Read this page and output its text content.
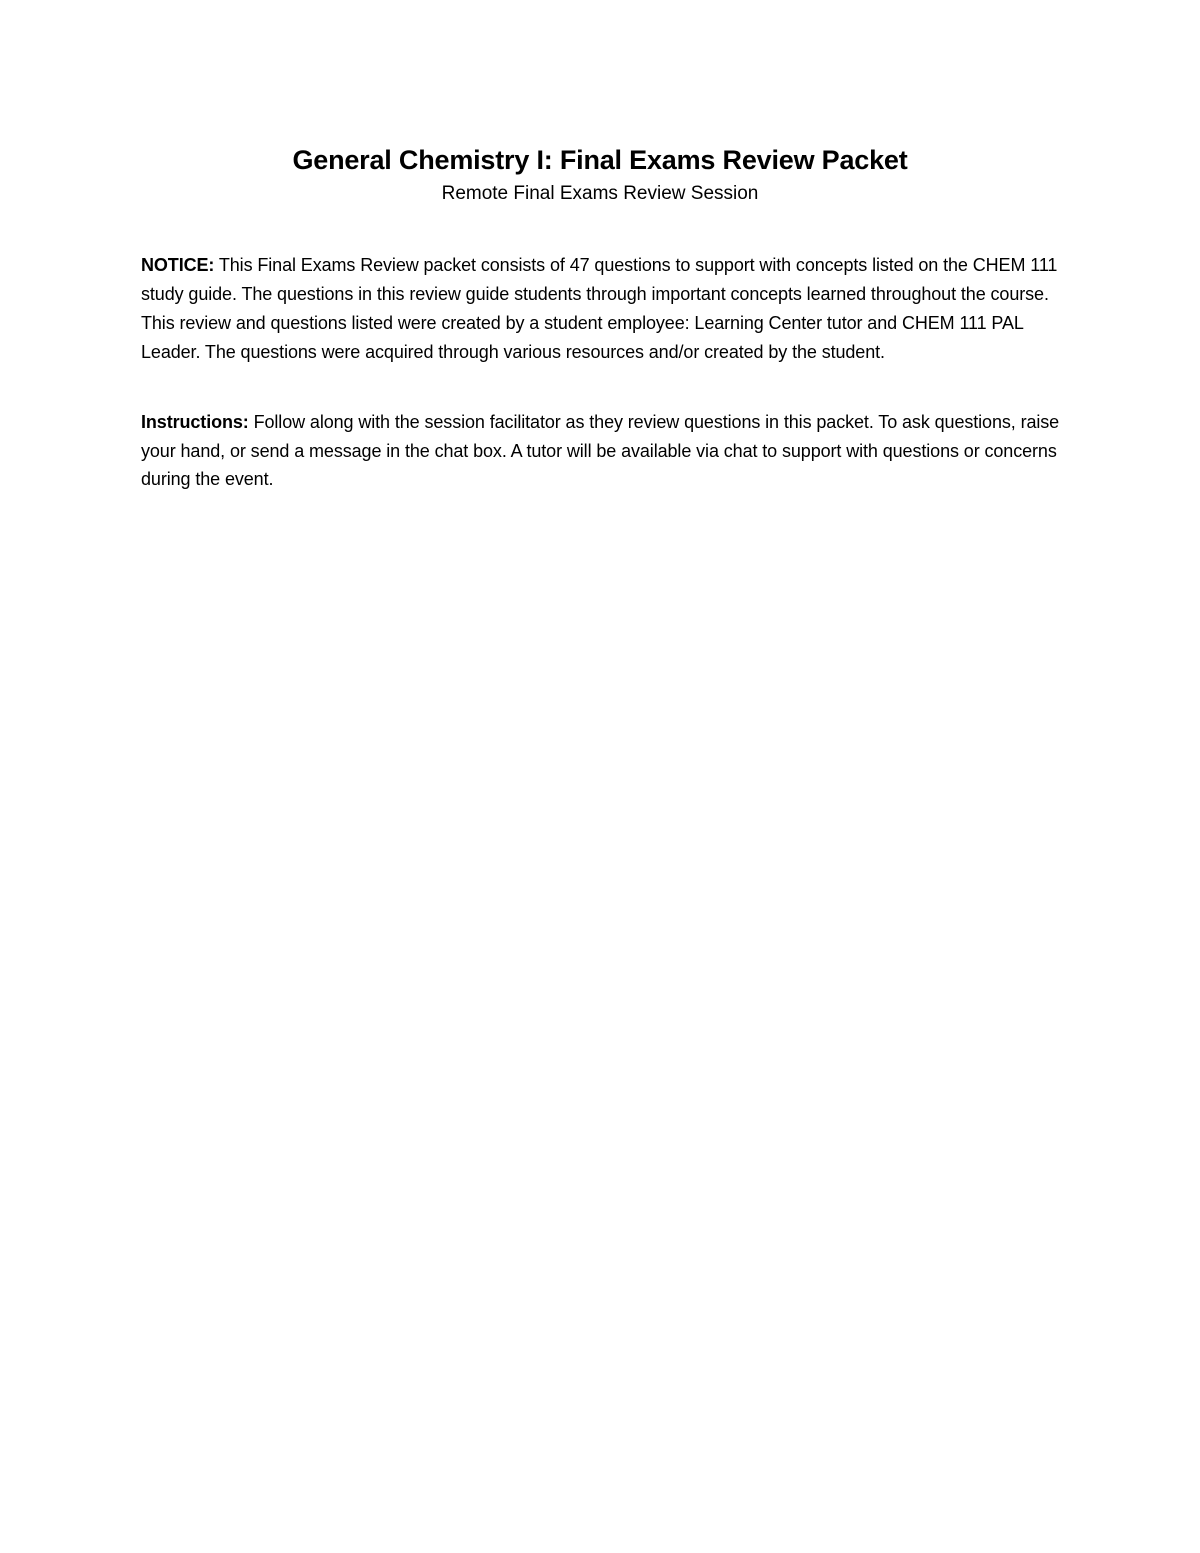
General Chemistry I: Final Exams Review Packet
Remote Final Exams Review Session

NOTICE: This Final Exams Review packet consists of 47 questions to support with concepts listed on the CHEM 111 study guide. The questions in this review guide students through important concepts learned throughout the course. This review and questions listed were created by a student employee: Learning Center tutor and CHEM 111 PAL Leader. The questions were acquired through various resources and/or created by the student.

Instructions: Follow along with the session facilitator as they review questions in this packet. To ask questions, raise your hand, or send a message in the chat box. A tutor will be available via chat to support with questions or concerns during the event.
